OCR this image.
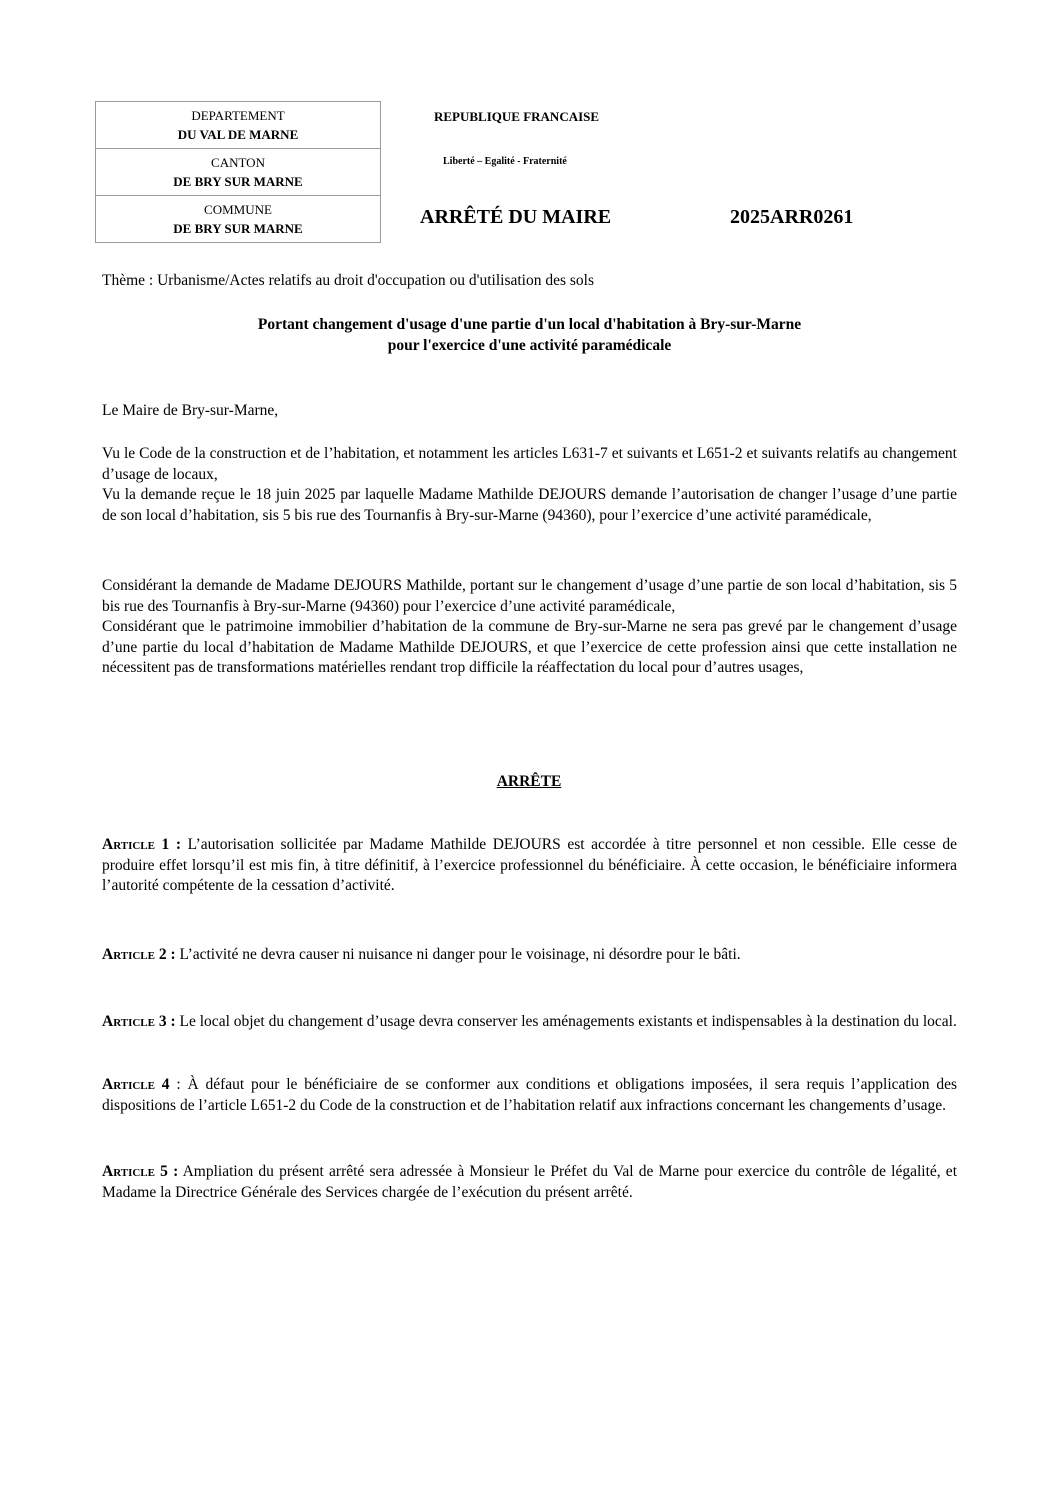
DEPARTEMENT
DU VAL DE MARNE

CANTON
DE BRY SUR MARNE

COMMUNE
DE BRY SUR MARNE
REPUBLIQUE FRANCAISE
Liberté – Egalité - Fraternité
ARRÊTÉ DU MAIRE	2025ARR0261
Thème : Urbanisme/Actes relatifs au droit d'occupation ou d'utilisation des sols
Portant changement d'usage d'une partie d'un local d'habitation à Bry-sur-Marne
pour l'exercice d'une activité paramédicale
Le Maire de Bry-sur-Marne,

Vu le Code de la construction et de l’habitation, et notamment les articles L631-7 et suivants et L651-2 et suivants relatifs au changement d’usage de locaux,

Vu la demande reçue le 18 juin 2025 par laquelle Madame Mathilde DEJOURS demande l’autorisation de changer l’usage d’une partie de son local d’habitation, sis 5 bis rue des Tournanfis à Bry-sur-Marne (94360), pour l’exercice d’une activité paramédicale,

Considérant la demande de Madame DEJOURS Mathilde, portant sur le changement d’usage d’une partie de son local d’habitation, sis 5 bis rue des Tournanfis à Bry-sur-Marne (94360) pour l’exercice d’une activité paramédicale,

Considérant que le patrimoine immobilier d’habitation de la commune de Bry-sur-Marne ne sera pas grevé par le changement d’usage d’une partie du local d’habitation de Madame Mathilde DEJOURS, et que l’exercice de cette profession ainsi que cette installation ne nécessitent pas de transformations matérielles rendant trop difficile la réaffectation du local pour d’autres usages,

ARRÊTE
Article 1 : L’autorisation sollicitée par Madame Mathilde DEJOURS est accordée à titre personnel et non cessible. Elle cesse de produire effet lorsqu’il est mis fin, à titre définitif, à l’exercice professionnel du bénéficiaire. À cette occasion, le bénéficiaire informera l’autorité compétente de la cessation d’activité.
Article 2 : L’activité ne devra causer ni nuisance ni danger pour le voisinage, ni désordre pour le bâti.
Article 3 : Le local objet du changement d’usage devra conserver les aménagements existants et indispensables à la destination du local.
Article 4 : À défaut pour le bénéficiaire de se conformer aux conditions et obligations imposées, il sera requis l’application des dispositions de l’article L651-2 du Code de la construction et de l’habitation relatif aux infractions concernant les changements d’usage.
Article 5 : Ampliation du présent arrêté sera adressée à Monsieur le Préfet du Val de Marne pour exercice du contrôle de légalité, et Madame la Directrice Générale des Services chargée de l’exécution du présent arrêté.
